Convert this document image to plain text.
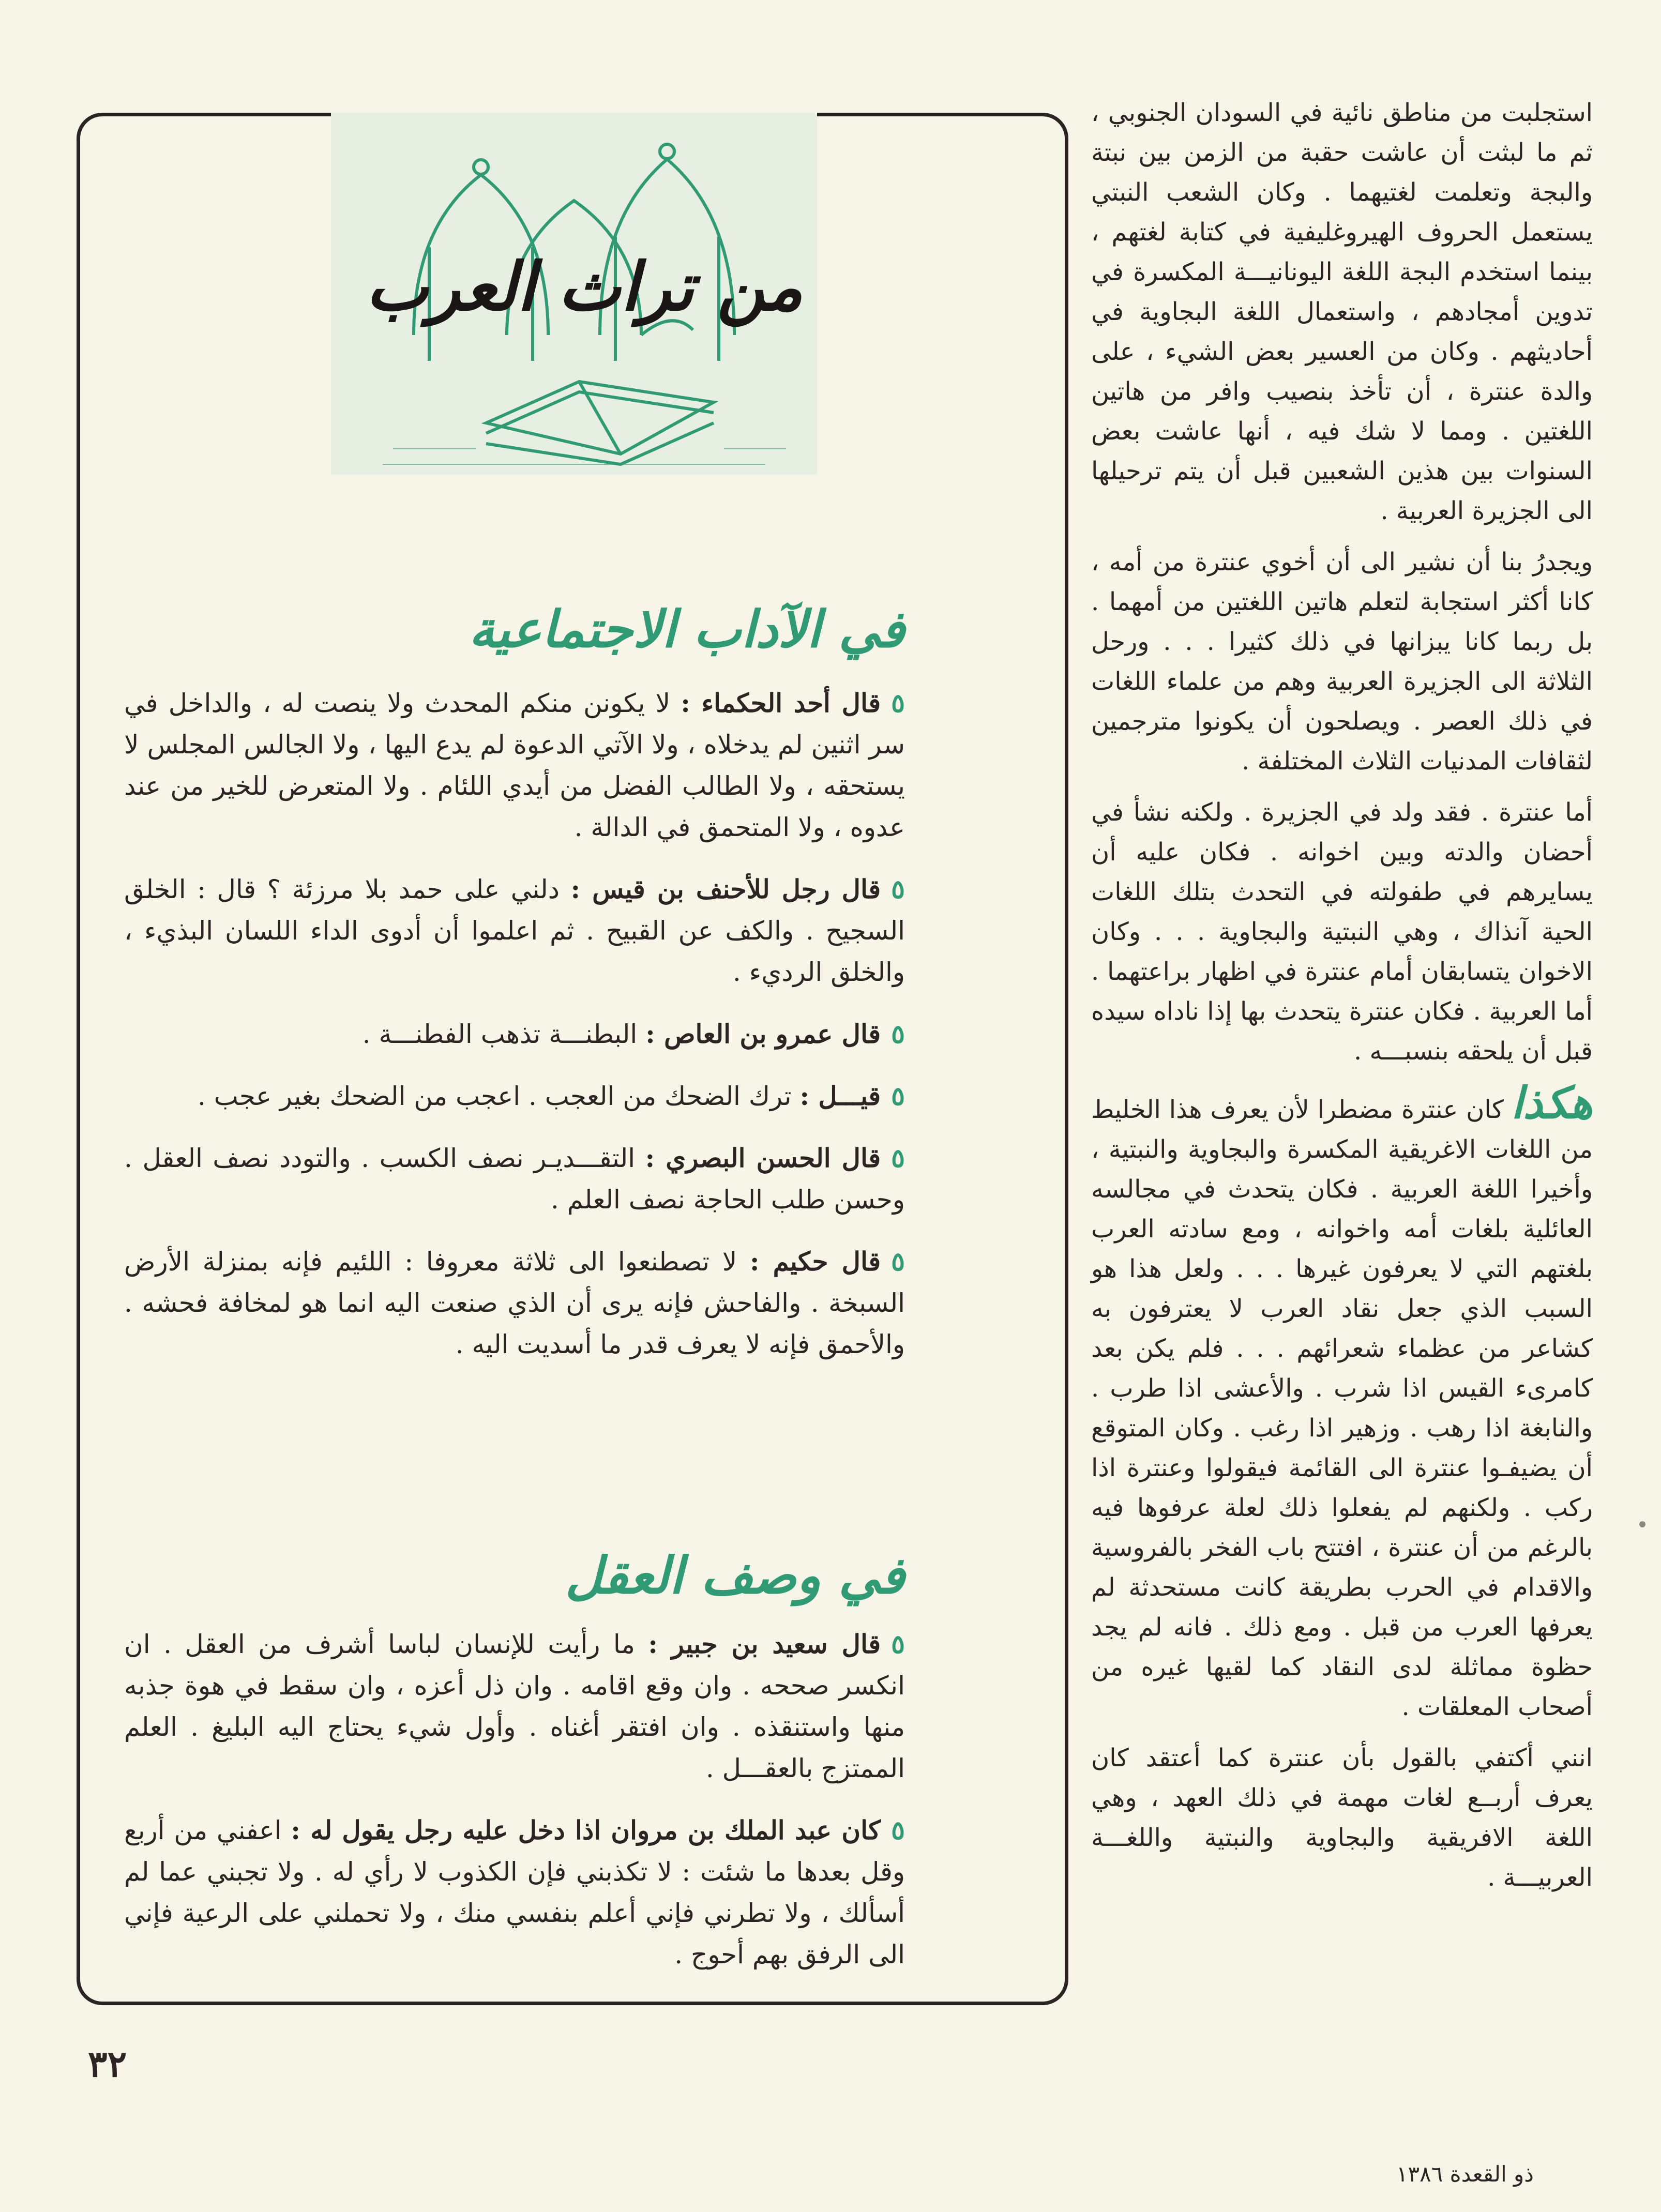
استجلبت من مناطق نائية في السودان الجنوبي ، ثم ما لبثت أن عاشت حقبة من الزمن بين نبتة والبجة وتعلمت لغتيهما . وكان الشعب النبتي يستعمل الحروف الهيروغليفية في كتابة لغتهم ، بينما استخدم البجة اللغة اليونانيـــة المكسرة في تدوين أمجادهم ، واستعمال اللغة البجاوية في أحاديثهم . وكان من العسير بعض الشيء ، على والدة عنترة ، أن تأخذ بنصيب وافر من هاتين اللغتين . ومما لا شك فيه ، أنها عاشت بعض السنوات بين هذين الشعبين قبل أن يتم ترحيلها الى الجزيرة العربية .

ويجدرُ بنا أن نشير الى أن أخوي عنترة من أمه ، كانا أكثر استجابة لتعلم هاتين اللغتين من أمهما . بل ربما كانا يبزانها في ذلك كثيرا . . . ورحل الثلاثة الى الجزيرة العربية وهم من علماء اللغات في ذلك العصر . ويصلحون أن يكونوا مترجمين لثقافات المدنيات الثلاث المختلفة .

أما عنترة . فقد ولد في الجزيرة . ولكنه نشأ في أحضان والدته وبين اخوانه . فكان عليه أن يسايرهم في طفولته في التحدث بتلك اللغات الحية آنذاك ، وهي النبتية والبجاوية . . . وكان الاخوان يتسابقان أمام عنترة في اظهار براعتهما . أما العربية . فكان عنترة يتحدث بها إذا ناداه سيده قبل أن يلحقه بنسبـــه .

هكذاكان عنترة مضطرا لأن يعرف هذا الخليط من اللغات الاغريقية المكسرة والبجاوية والنبتية ، وأخيرا اللغة العربية . فكان يتحدث في مجالسه العائلية بلغات أمه واخوانه ، ومع سادته العرب بلغتهم التي لا يعرفون غيرها . . . ولعل هذا هو السبب الذي جعل نقاد العرب لا يعترفون به كشاعر من عظماء شعرائهم . . . فلم يكن بعد كامرىء القيس اذا شرب . والأعشى اذا طرب . والنابغة اذا رهب . وزهير اذا رغب . وكان المتوقع أن يضيفـوا عنترة الى القائمة فيقولوا وعنترة اذا ركب . ولكنهم لم يفعلوا ذلك لعلة عرفوها فيه بالرغم من أن عنترة ، افتتح باب الفخر بالفروسية والاقدام في الحرب بطريقة كانت مستحدثة لم يعرفها العرب من قبل . ومع ذلك . فانه لم يجد حظوة مماثلة لدى النقاد كما لقيها غيره من أصحاب المعلقات .

انني أكتفي بالقول بأن عنترة كما أعتقد كان يعرف أربــع لغات مهمة في ذلك العهد ، وهي اللغة الافريقية والبجاوية والنبتية واللغـــة العربيـــة .

من تراث العرب
في الآداب الاجتماعية

٥قال أحد الحكماء : لا يكونن منكم المحدث ولا ينصت له ، والداخل في سر اثنين لم يدخلاه ، ولا الآتي الدعوة لم يدع اليها ، ولا الجالس المجلس لا يستحقه ، ولا الطالب الفضل من أيدي اللئام . ولا المتعرض للخير من عند عدوه ، ولا المتحمق في الدالة .

٥قال رجل للأحنف بن قيس : دلني على حمد بلا مرزئة ؟ قال : الخلق السجيح . والكف عن القبيح . ثم اعلموا أن أدوى الداء اللسان البذيء ، والخلق الرديء .

٥قال عمرو بن العاص : البطنـــة تذهب الفطنـــة .

٥قيـــل : ترك الضحك من العجب . اعجب من الضحك بغير عجب .

٥قال الحسن البصري : التقـــديـر نصف الكسب . والتودد نصف العقل . وحسن طلب الحاجة نصف العلم .

٥قال حكيم : لا تصطنعوا الى ثلاثة معروفا : اللئيم فإنه بمنزلة الأرض السبخة . والفاحش فإنه يرى أن الذي صنعت اليه انما هو لمخافة فحشه . والأحمق فإنه لا يعرف قدر ما أسديت اليه .

في وصف العقل

٥قال سعيد بن جبير : ما رأيت للإنسان لباسا أشرف من العقل . ان انكسر صححه . وان وقع اقامه . وان ذل أعزه ، وان سقط في هوة جذبه منها واستنقذه . وان افتقر أغناه . وأول شيء يحتاج اليه البليغ . العلم الممتزج بالعقـــل .

٥كان عبد الملك بن مروان اذا دخل عليه رجل يقول له : اعفني من أربع وقل بعدها ما شئت : لا تكذبني فإن الكذوب لا رأي له . ولا تجبني عما لم أسألك ، ولا تطرني فإني أعلم بنفسي منك ، ولا تحملني على الرعية فإني الى الرفق بهم أحوج .

٣٢
ذو القعدة ١٣٨٦
